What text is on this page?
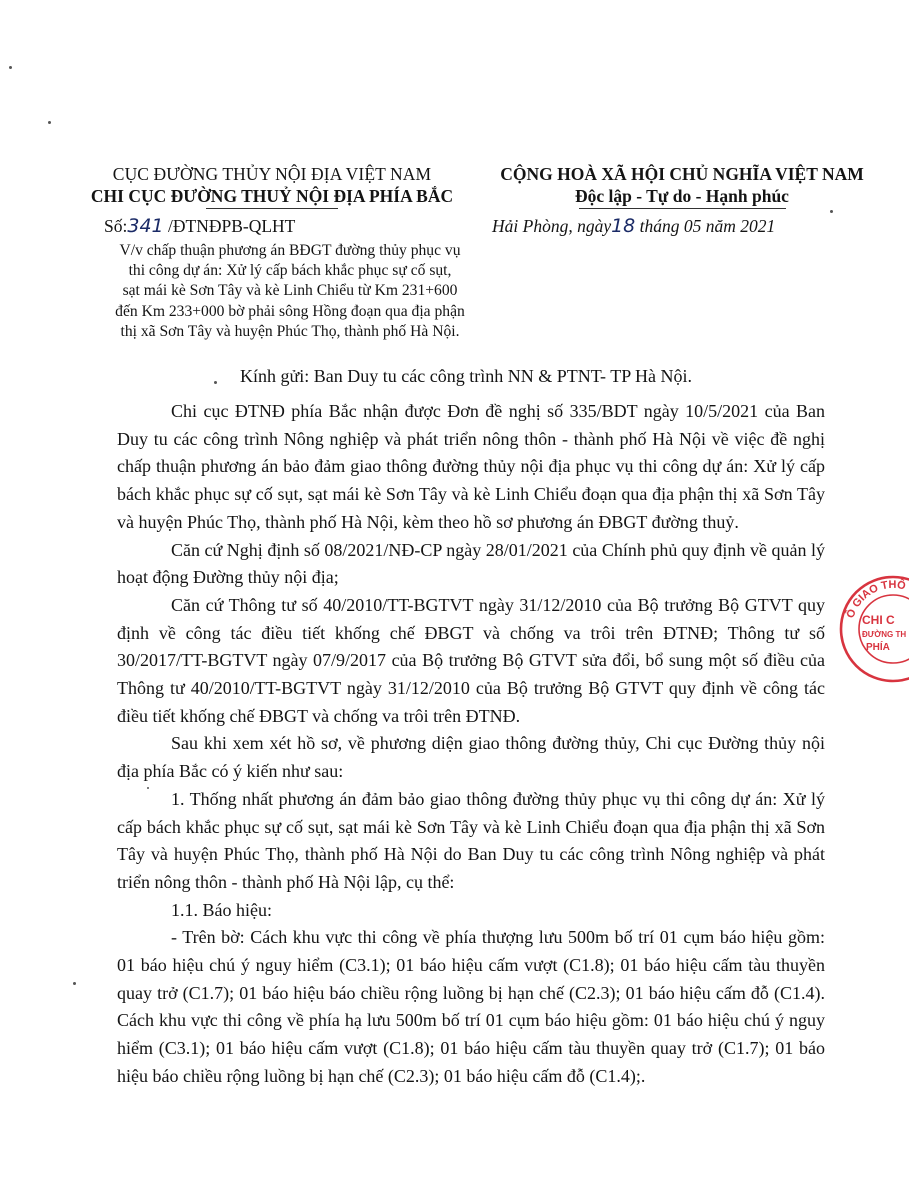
CỤC ĐƯỜNG THỦY NỘI ĐỊA VIỆT NAM
CHI CỤC ĐƯỜNG THUỶ NỘI ĐỊA PHÍA BẮC
CỘNG HOÀ XÃ HỘI CHỦ NGHĨA VIỆT NAM
Độc lập - Tự do - Hạnh phúc
Số:341 /ĐTNĐPB-QLHT	Hải Phòng, ngày18 tháng 05 năm 2021
V/v chấp thuận phương án BĐGT đường thủy phục vụ
thi công dự án: Xử lý cấp bách khắc phục sự cố sụt,
sạt mái kè Sơn Tây và kè Linh Chiểu từ Km 231+600
đến Km 233+000 bờ phải sông Hồng đoạn qua địa phận
thị xã Sơn Tây và huyện Phúc Thọ, thành phố Hà Nội.
Kính gửi: Ban Duy tu các công trình NN & PTNT- TP Hà Nội.

Chi cục ĐTNĐ phía Bắc nhận được Đơn đề nghị số 335/BDT ngày 10/5/2021 của Ban Duy tu các công trình Nông nghiệp và phát triển nông thôn - thành phố Hà Nội về việc đề nghị chấp thuận phương án bảo đảm giao thông đường thủy nội địa phục vụ thi công dự án: Xử lý cấp bách khắc phục sự cố sụt, sạt mái kè Sơn Tây và kè Linh Chiểu đoạn qua địa phận thị xã Sơn Tây và huyện Phúc Thọ, thành phố Hà Nội, kèm theo hồ sơ phương án ĐBGT đường thuỷ.

Căn cứ Nghị định số 08/2021/NĐ-CP ngày 28/01/2021 của Chính phủ quy định về quản lý hoạt động Đường thủy nội địa;

Căn cứ Thông tư số 40/2010/TT-BGTVT ngày 31/12/2010 của Bộ trưởng Bộ GTVT quy định về công tác điều tiết khống chế ĐBGT và chống va trôi trên ĐTNĐ; Thông tư số 30/2017/TT-BGTVT ngày 07/9/2017 của Bộ trưởng Bộ GTVT sửa đổi, bổ sung một số điều của Thông tư 40/2010/TT-BGTVT ngày 31/12/2010 của Bộ trưởng Bộ GTVT quy định về công tác điều tiết khống chế ĐBGT và chống va trôi trên ĐTNĐ.

Sau khi xem xét hồ sơ, về phương diện giao thông đường thủy, Chi cục Đường thủy nội địa phía Bắc có ý kiến như sau:

1. Thống nhất phương án đảm bảo giao thông đường thủy phục vụ thi công dự án: Xử lý cấp bách khắc phục sự cố sụt, sạt mái kè Sơn Tây và kè Linh Chiểu đoạn qua địa phận thị xã Sơn Tây và huyện Phúc Thọ, thành phố Hà Nội do Ban Duy tu các công trình Nông nghiệp và phát triển nông thôn - thành phố Hà Nội lập, cụ thể:

1.1. Báo hiệu:

- Trên bờ: Cách khu vực thi công về phía thượng lưu 500m bố trí 01 cụm báo hiệu gồm: 01 báo hiệu chú ý nguy hiểm (C3.1); 01 báo hiệu cấm vượt (C1.8); 01 báo hiệu cấm tàu thuyền quay trở (C1.7); 01 báo hiệu báo chiều rộng luồng bị hạn chế (C2.3); 01 báo hiệu cấm đỗ (C1.4). Cách khu vực thi công về phía hạ lưu 500m bố trí 01 cụm báo hiệu gồm: 01 báo hiệu chú ý nguy hiểm (C3.1); 01 báo hiệu cấm vượt (C1.8); 01 báo hiệu cấm tàu thuyền quay trở (C1.7); 01 báo hiệu báo chiều rộng luồng bị hạn chế (C2.3); 01 báo hiệu cấm đỗ (C1.4);.

Ô GIAO THÔ
CHI C
ĐƯỜNG TH
PHÍA
